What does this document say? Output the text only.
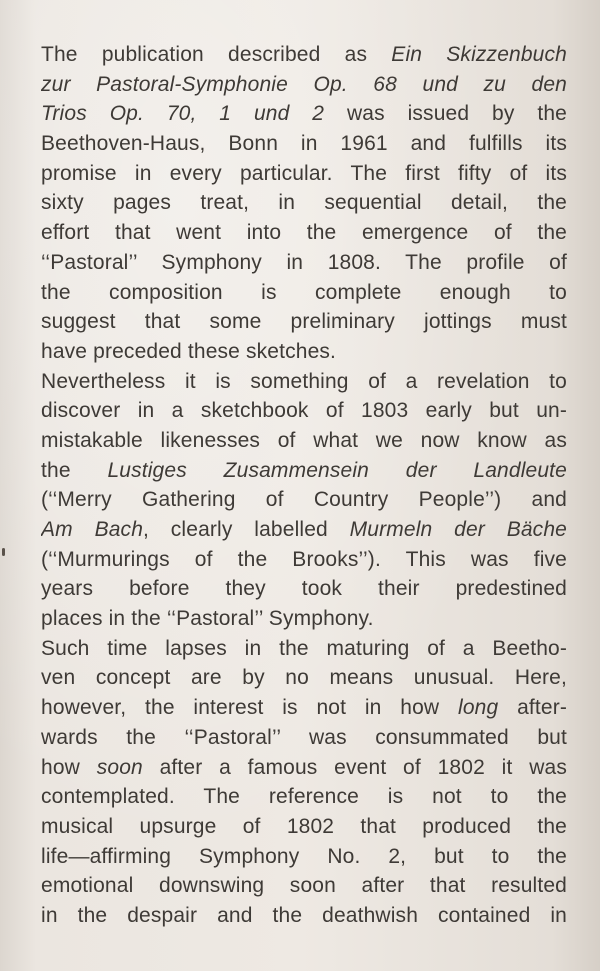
The publication described as Ein Skizzenbuch
zur Pastoral-Symphonie Op. 68 und zu den
Trios Op. 70, 1 und 2 was issued by the
Beethoven-Haus, Bonn in 1961 and fulfills its
promise in every particular. The first fifty of its
sixty pages treat, in sequential detail, the
effort that went into the emergence of the
‘‘Pastoral’’ Symphony in 1808. The profile of
the composition is complete enough to
suggest that some preliminary jottings must
have preceded these sketches.
Nevertheless it is something of a revelation to
discover in a sketchbook of 1803 early but un-
mistakable likenesses of what we now know as
the Lustiges Zusammensein der Landleute
(‘‘Merry Gathering of Country People’’) and
Am Bach, clearly labelled Murmeln der Bäche
(‘‘Murmurings of the Brooks’’). This was five
years before they took their predestined
places in the ‘‘Pastoral’’ Symphony.
Such time lapses in the maturing of a Beetho-
ven concept are by no means unusual. Here,
however, the interest is not in how long after-
wards the ‘‘Pastoral’’ was consummated but
how soon after a famous event of 1802 it was
contemplated. The reference is not to the
musical upsurge of 1802 that produced the
life—affirming Symphony No. 2, but to the
emotional downswing soon after that resulted
in the despair and the deathwish contained in
